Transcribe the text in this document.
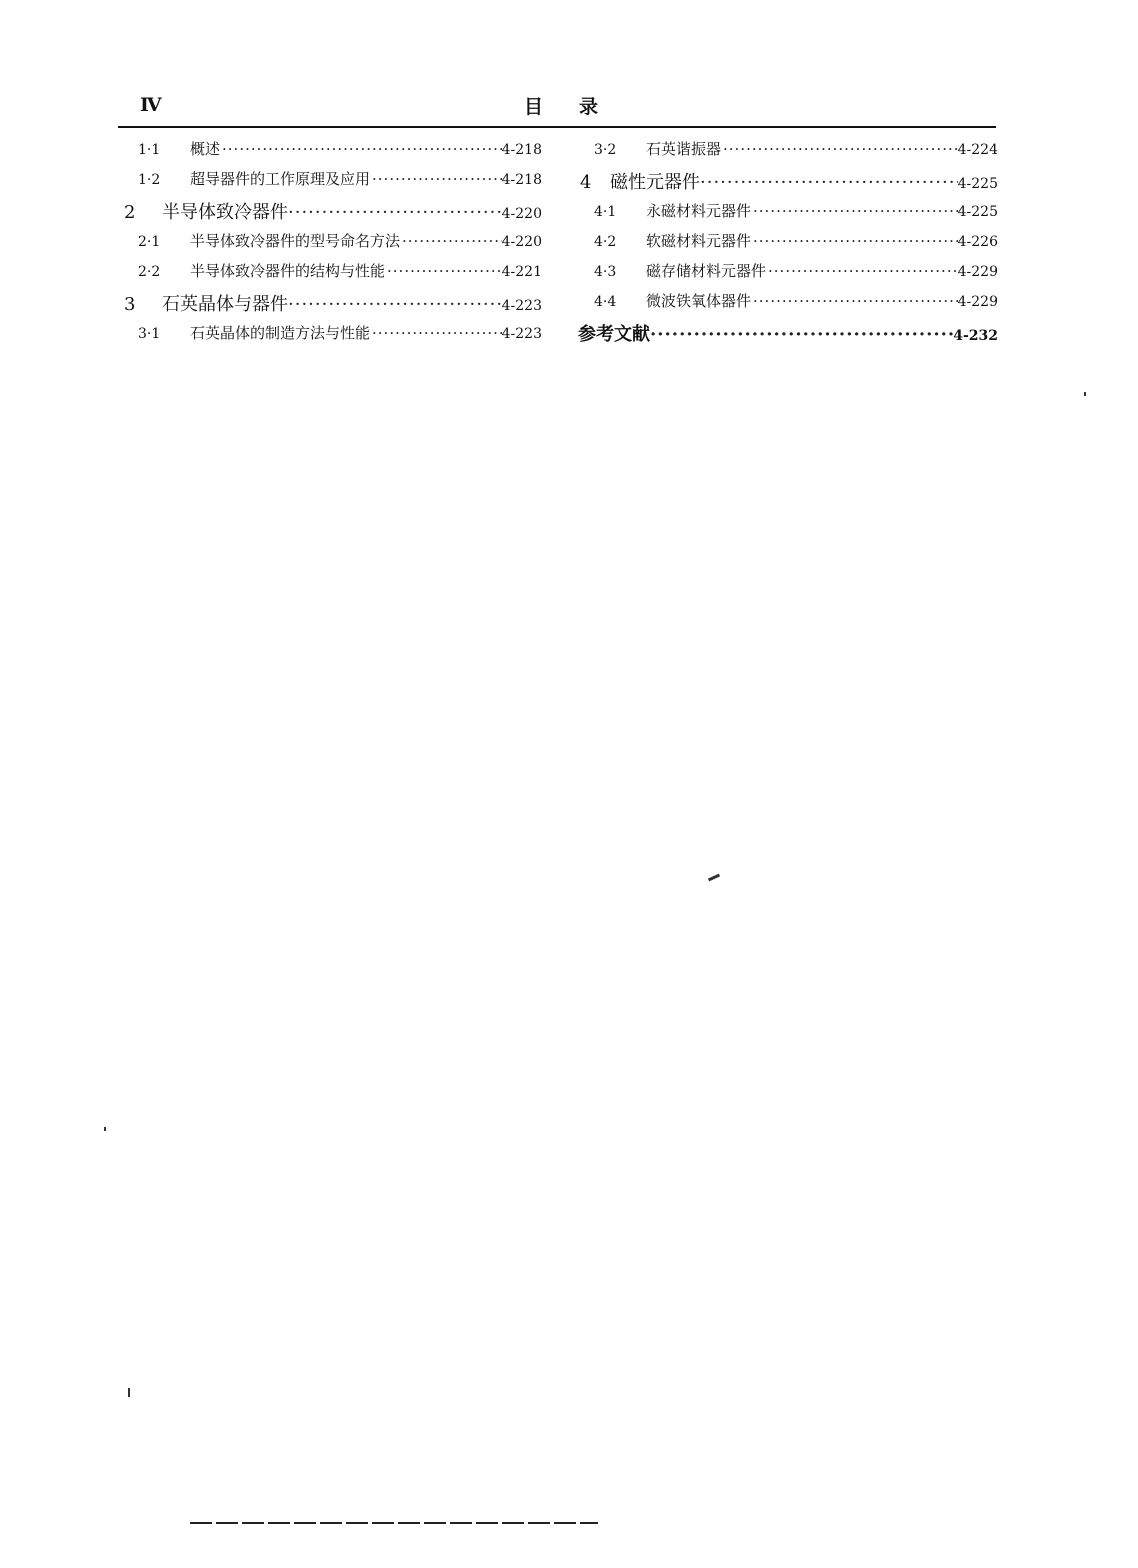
Ⅳ	目录
1·1	概述 ·····	4-218
1·2	超导器件的工作原理及应用 ·····	4-218
2	半导体致冷器件 ·····	4-220
2·1	半导体致冷器件的型号命名方法 ·····	4-220
2·2	半导体致冷器件的结构与性能 ·····	4-221
3	石英晶体与器件 ·····	4-223
3·1	石英晶体的制造方法与性能 ·····	4-223
3·2	石英谐振器 ·····	4-224
4	磁性元器件 ·····	4-225
4·1	永磁材料元器件 ·····	4-225
4·2	软磁材料元器件 ·····	4-226
4·3	磁存储材料元器件 ·····	4-229
4·4	微波铁氧体器件 ·····	4-229
参考文献 ·····	4-232
